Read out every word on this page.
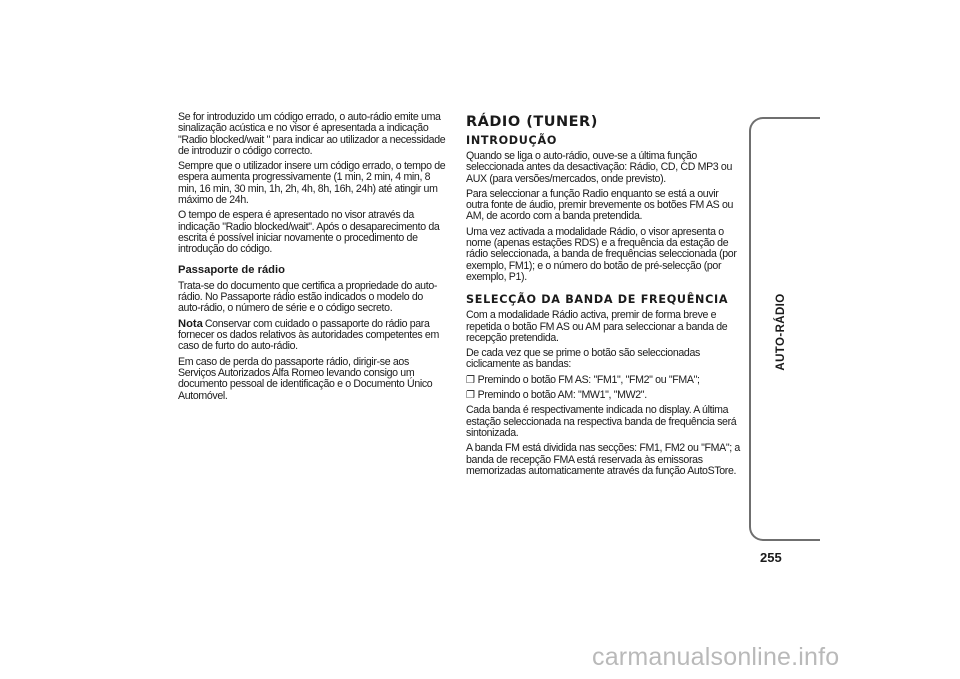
Se for introduzido um código errado, o auto-rádio emite uma sinalização acústica e no visor é apresentada a indicação "Radio blocked/wait " para indicar ao utilizador a necessidade de introduzir o código correcto.

Sempre que o utilizador insere um código errado, o tempo de espera aumenta progressivamente (1 min, 2 min, 4 min, 8 min, 16 min, 30 min, 1h, 2h, 4h, 8h, 16h, 24h) até atingir um máximo de 24h.

O tempo de espera é apresentado no visor através da indicação "Radio blocked/wait". Após o desaparecimento da escrita é possível iniciar novamente o procedimento de introdução do código.

Passaporte de rádio

Trata-se do documento que certifica a propriedade do auto-rádio. No Passaporte rádio estão indicados o modelo do auto-rádio, o número de série e o código secreto.

Nota Conservar com cuidado o passaporte do rádio para fornecer os dados relativos às autoridades competentes em caso de furto do auto-rádio.

Em caso de perda do passaporte rádio, dirigir-se aos Serviços Autorizados Alfa Romeo levando consigo um documento pessoal de identificação e o Documento Único Automóvel.

RÁDIO (TUNER)
INTRODUÇÃO

Quando se liga o auto-rádio, ouve-se a última função seleccionada antes da desactivação: Rádio, CD, CD MP3 ou AUX (para versões/mercados, onde previsto).

Para seleccionar a função Radio enquanto se está a ouvir outra fonte de áudio, premir brevemente os botões FM AS ou AM, de acordo com a banda pretendida.

Uma vez activada a modalidade Rádio, o visor apresenta o nome (apenas estações RDS) e a frequência da estação de rádio seleccionada, a banda de frequências seleccionada (por exemplo, FM1); e o número do botão de pré-selecção (por exemplo, P1).

SELECÇÃO DA BANDA DE FREQUÊNCIA

Com a modalidade Rádio activa, premir de forma breve e repetida o botão FM AS ou AM para seleccionar a banda de recepção pretendida.

De cada vez que se prime o botão são seleccionadas ciclicamente as bandas:

❐ Premindo o botão FM AS: "FM1", "FM2" ou "FMA";

❐ Premindo o botão AM: "MW1", "MW2".

Cada banda é respectivamente indicada no display. A última estação seleccionada na respectiva banda de frequência será sintonizada.

A banda FM está dividida nas secções: FM1, FM2 ou "FMA"; a banda de recepção FMA está reservada às emissoras memorizadas automaticamente através da função AutoSTore.

AUTO-RÁDIO
255
carmanualsonline.info
